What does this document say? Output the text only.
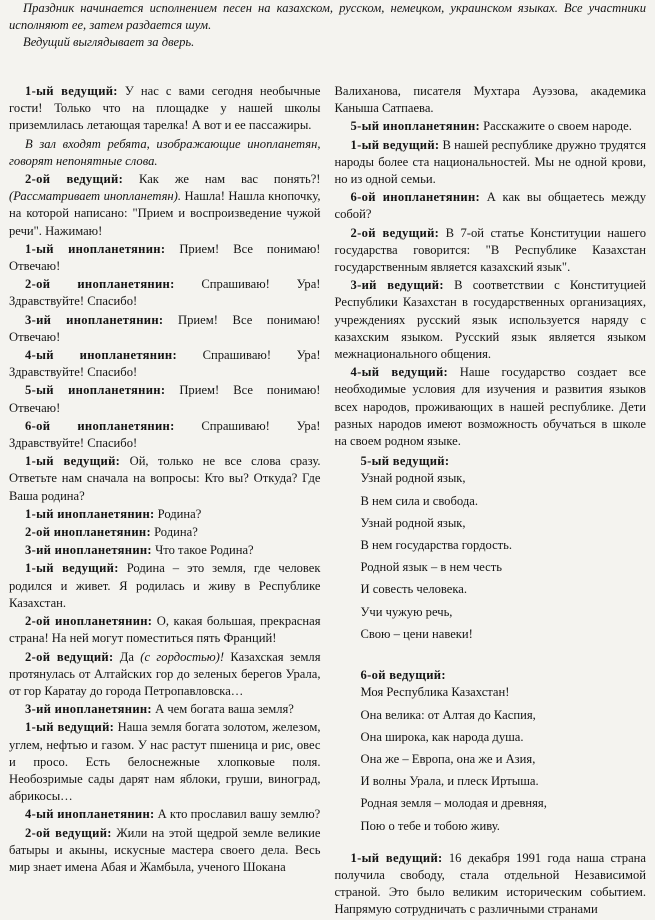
Праздник начинается исполнением песен на казахском, русском, немецком, украинском языках. Все участники исполняют ее, затем раздается шум.

Ведущий выглядывает за дверь.

1-ый ведущий: У нас с вами сегодня необычные гости! Только что на площадке у нашей школы приземлилась летающая тарелка! А вот и ее пассажиры.

В зал входят ребята, изображающие инопланетян, говорят непонятные слова.

2-ой ведущий: Как же нам вас понять?! (Рассматривает инопланетян). Нашла! Нашла кнопочку, на которой написано: "Прием и воспроизведение чужой речи". Нажимаю!

1-ый инопланетянин: Прием! Все понимаю! Отвечаю!

2-ой инопланетянин: Спрашиваю! Ура! Здравствуйте! Спасибо!

3-ий инопланетянин: Прием! Все понимаю! Отвечаю!

4-ый инопланетянин: Спрашиваю! Ура! Здравствуйте! Спасибо!

5-ый инопланетянин: Прием! Все понимаю! Отвечаю!

6-ой инопланетянин: Спрашиваю! Ура! Здравствуйте! Спасибо!

1-ый ведущий: Ой, только не все слова сразу. Ответьте нам сначала на вопросы: Кто вы? Откуда? Где Ваша родина?

1-ый инопланетянин: Родина?

2-ой инопланетянин: Родина?

3-ий инопланетянин: Что такое Родина?

1-ый ведущий: Родина – это земля, где человек родился и живет. Я родилась и живу в Республике Казахстан.

2-ой инопланетянин: О, какая большая, прекрасная страна! На ней могут поместиться пять Франций!

2-ой ведущий: Да (с гордостью)! Казахская земля протянулась от Алтайских гор до зеленых берегов Урала, от гор Каратау до города Петропавловска…

3-ий инопланетянин: А чем богата ваша земля?

1-ый ведущий: Наша земля богата золотом, железом, углем, нефтью и газом. У нас растут пшеница и рис, овес и просо. Есть белоснежные хлопковые поля. Необозримые сады дарят нам яблоки, груши, виноград, абрикосы…

4-ый инопланетянин: А кто прославил вашу землю?

2-ой ведущий: Жили на этой щедрой земле великие батыры и акыны, искусные мастера своего дела. Весь мир знает имена Абая и Жамбыла, ученого Шокана

Валиханова, писателя Мухтара Ауэзова, академика Каныша Сатпаева.

5-ый инопланетянин: Расскажите о своем народе.

1-ый ведущий: В нашей республике дружно трудятся народы более ста национальностей. Мы не одной крови, но из одной семьи.

6-ой инопланетянин: А как вы общаетесь между собой?

2-ой ведущий: В 7-ой статье Конституции нашего государства говорится: "В Республике Казахстан государственным является казахский язык".

3-ий ведущий: В соответствии с Конституцией Республики Казахстан в государственных организациях, учреждениях русский язык используется наряду с казахским языком. Русский язык является языком межнационального общения.

4-ый ведущий: Наше государство создает все необходимые условия для изучения и развития языков всех народов, проживающих в нашей республике. Дети разных народов имеют возможность обучаться в школе на своем родном языке.

5-ый ведущий:
Узнай родной язык,
В нем сила и свобода.
Узнай родной язык,
В нем государства гордость.
Родной язык – в нем честь
И совесть человека.
Учи чужую речь,
Свою – цени навеки!
6-ой ведущий:
Моя Республика Казахстан!
Она велика: от Алтая до Каспия,
Она широка, как народа душа.
Она же – Европа, она же и Азия,
И волны Урала, и плеск Иртыша.
Родная земля – молодая и древняя,
Пою о тебе и тобою живу.

1-ый ведущий: 16 декабря 1991 года наша страна получила свободу, стала отдельной Независимой страной. Это было великим историческим событием. Напрямую сотрудничать с различными странами
